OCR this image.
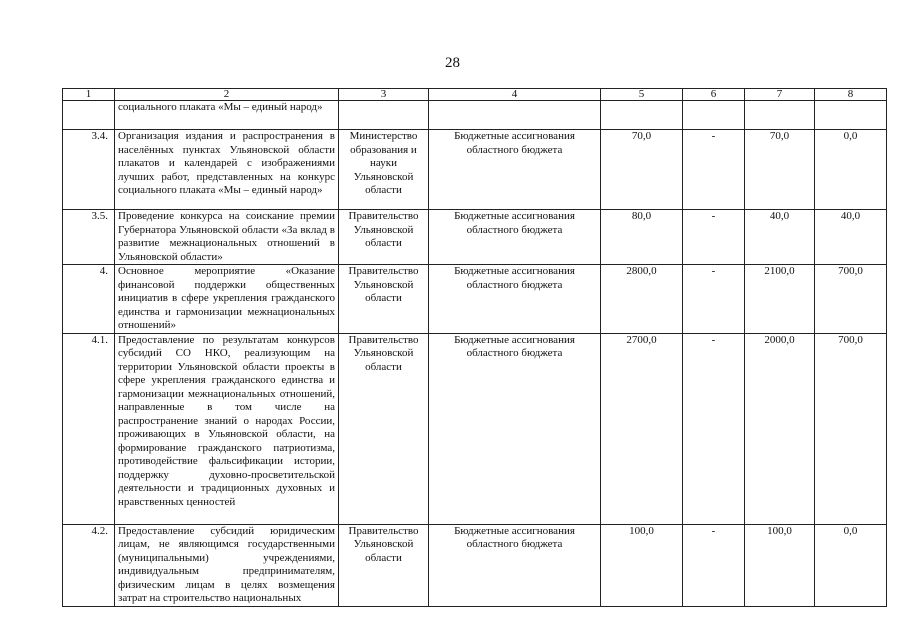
28
1	2	3	4	5	6	7	8
	социального плаката «Мы – единый народ»						
3.4.	Организация издания и распространения в населённых пунктах Ульяновской области плакатов и календарей с изображениями лучших работ, представленных на конкурс социального плаката «Мы – единый народ»	Министерство образования и науки Ульяновской области	Бюджетные ассигнования областного бюджета	70,0	-	70,0	0,0
3.5.	Проведение конкурса на соискание премии Губернатора Ульяновской области «За вклад в развитие межнациональных отношений в Ульяновской области»	Правительство Ульяновской области	Бюджетные ассигнования областного бюджета	80,0	-	40,0	40,0
4.	Основное мероприятие «Оказание финансовой поддержки общественных инициатив в сфере укрепления гражданского единства и гармонизации межнациональных отношений»	Правительство Ульяновской области	Бюджетные ассигнования областного бюджета	2800,0	-	2100,0	700,0
4.1.	Предоставление по результатам конкурсов субсидий СО НКО, реализующим на территории Ульяновской области проекты в сфере укрепления гражданского единства и гармонизации межнациональных отношений, направленные в том числе на распространение знаний о народах России, проживающих в Ульяновской области, на формирование гражданского патриотизма, противодействие фальсификации истории, поддержку духовно-просветительской деятельности и традиционных духовных и нравственных ценностей	Правительство Ульяновской области	Бюджетные ассигнования областного бюджета	2700,0	-	2000,0	700,0
4.2.	Предоставление субсидий юридическим лицам, не являющимся государственными (муниципальными) учреждениями, индивидуальным предпринимателям, физическим лицам в целях возмещения затрат на строительство национальных	Правительство Ульяновской области	Бюджетные ассигнования областного бюджета	100,0	-	100,0	0,0
